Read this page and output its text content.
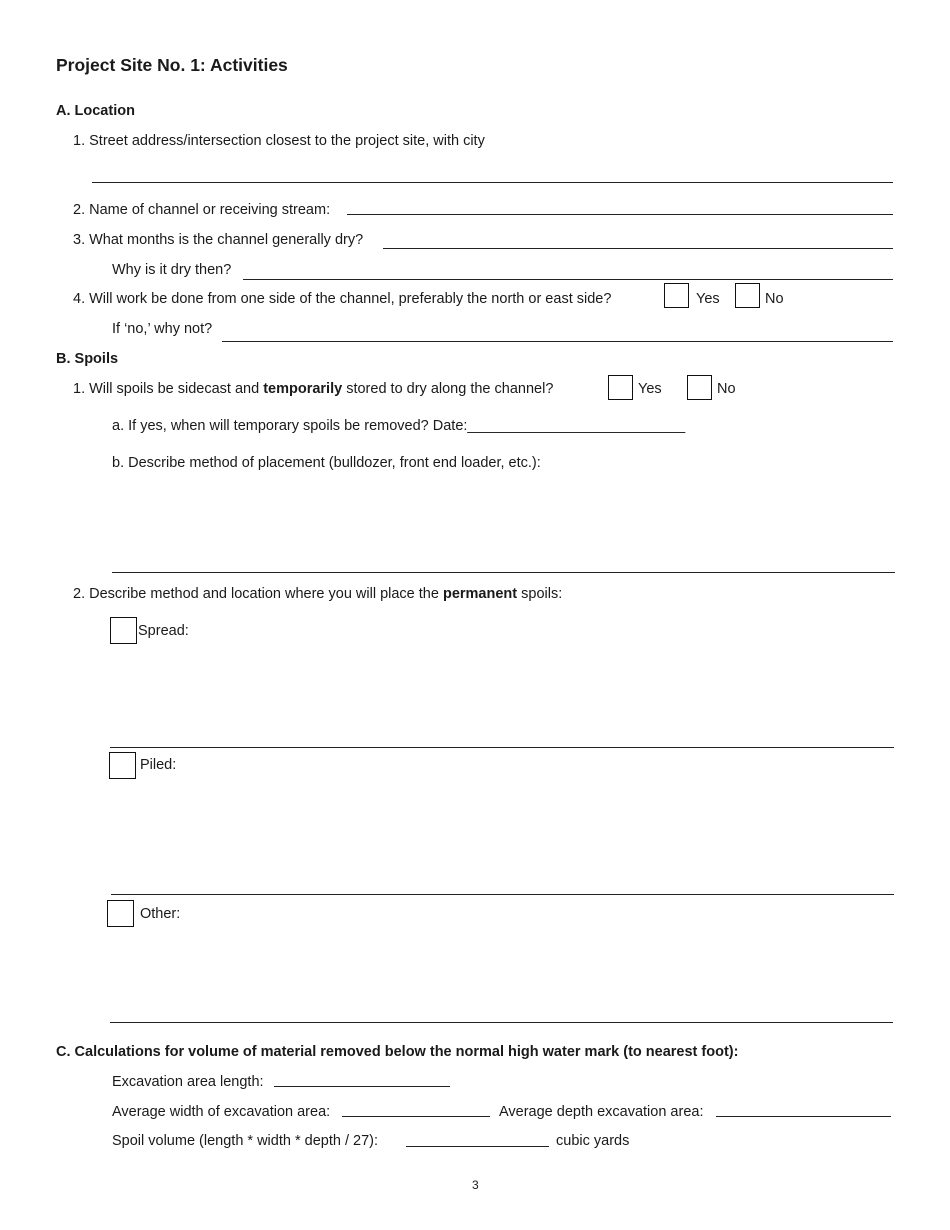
Project Site No. 1: Activities
A. Location
1. Street address/intersection closest to the project site, with city
2. Name of channel or receiving stream:
3. What months is the channel generally dry?
Why is it dry then?
4. Will work be done from one side of the channel, preferably the north or east side?	Yes	No
If ‘no,’ why not?
B. Spoils
1. Will spoils be sidecast and temporarily stored to dry along the channel?	Yes	No
a. If yes, when will temporary spoils be removed? Date:___________________________
b. Describe method of placement (bulldozer, front end loader, etc.):
2. Describe method and location where you will place the permanent spoils:
Spread:
Piled:
Other:
C. Calculations for volume of material removed below the normal high water mark (to nearest foot):
Excavation area length:
Average width of excavation area:	Average depth excavation area:
Spoil volume (length * width * depth / 27):	cubic yards
3
